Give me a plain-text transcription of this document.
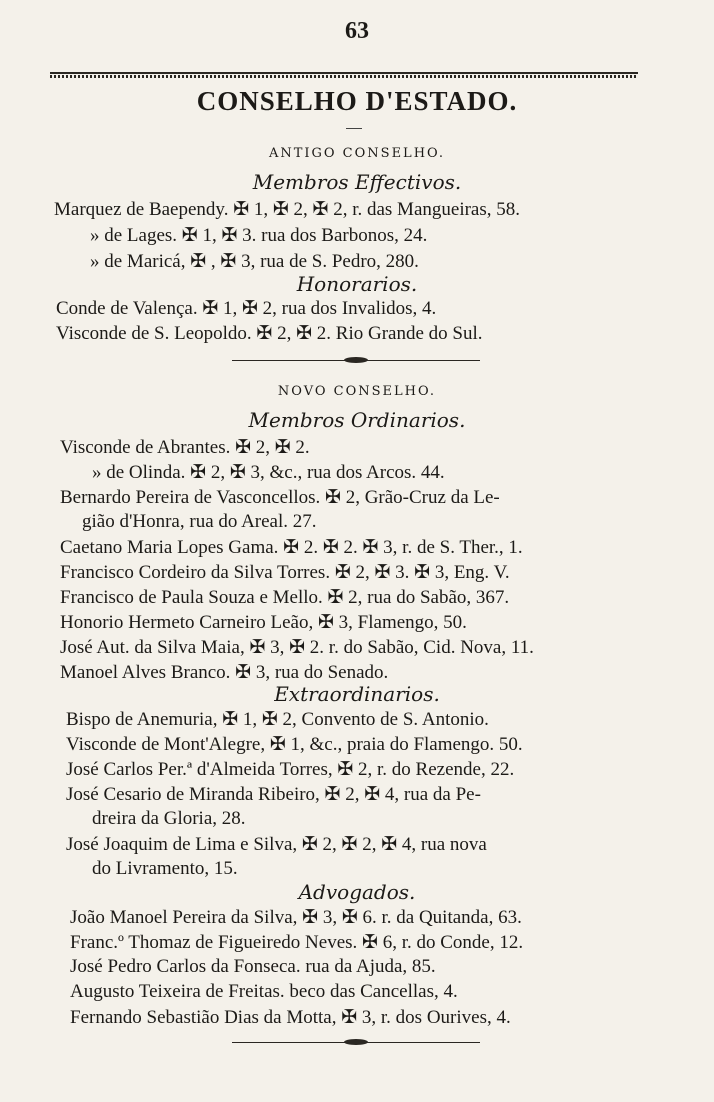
63
CONSELHO D'ESTADO.
ANTIGO CONSELHO.
Membros Effectivos.
Marquez de Baependy. ✠ 1, ✠ 2, ✠ 2, r. das Mangueiras, 58.
» de Lages. ✠ 1, ✠ 3. rua dos Barbonos, 24.
» de Maricá, ✠ , ✠ 3, rua de S. Pedro, 280.
Honorarios.
Conde de Valença. ✠ 1, ✠ 2, rua dos Invalidos, 4.
Visconde de S. Leopoldo. ✠ 2, ✠ 2. Rio Grande do Sul.
NOVO CONSELHO.
Membros Ordinarios.
Visconde de Abrantes. ✠ 2, ✠ 2.
» de Olinda. ✠ 2, ✠ 3, &c., rua dos Arcos. 44.
Bernardo Pereira de Vasconcellos. ✠ 2, Grão-Cruz da Le-
gião d'Honra, rua do Areal. 27.
Caetano Maria Lopes Gama. ✠ 2. ✠ 2. ✠ 3, r. de S. Ther., 1.
Francisco Cordeiro da Silva Torres. ✠ 2, ✠ 3. ✠ 3, Eng. V.
Francisco de Paula Souza e Mello. ✠ 2, rua do Sabão, 367.
Honorio Hermeto Carneiro Leão, ✠ 3, Flamengo, 50.
José Aut. da Silva Maia, ✠ 3, ✠ 2. r. do Sabão, Cid. Nova, 11.
Manoel Alves Branco. ✠ 3, rua do Senado.
Extraordinarios.
Bispo de Anemuria, ✠ 1, ✠ 2, Convento de S. Antonio.
Visconde de Mont'Alegre, ✠ 1, &c., praia do Flamengo. 50.
José Carlos Per.ª d'Almeida Torres, ✠ 2, r. do Rezende, 22.
José Cesario de Miranda Ribeiro, ✠ 2, ✠ 4, rua da Pe-
dreira da Gloria, 28.
José Joaquim de Lima e Silva, ✠ 2, ✠ 2, ✠ 4, rua nova
do Livramento, 15.
Advogados.
João Manoel Pereira da Silva, ✠ 3, ✠ 6. r. da Quitanda, 63.
Franc.º Thomaz de Figueiredo Neves. ✠ 6, r. do Conde, 12.
José Pedro Carlos da Fonseca. rua da Ajuda, 85.
Augusto Teixeira de Freitas. beco das Cancellas, 4.
Fernando Sebastião Dias da Motta, ✠ 3, r. dos Ourives, 4.
